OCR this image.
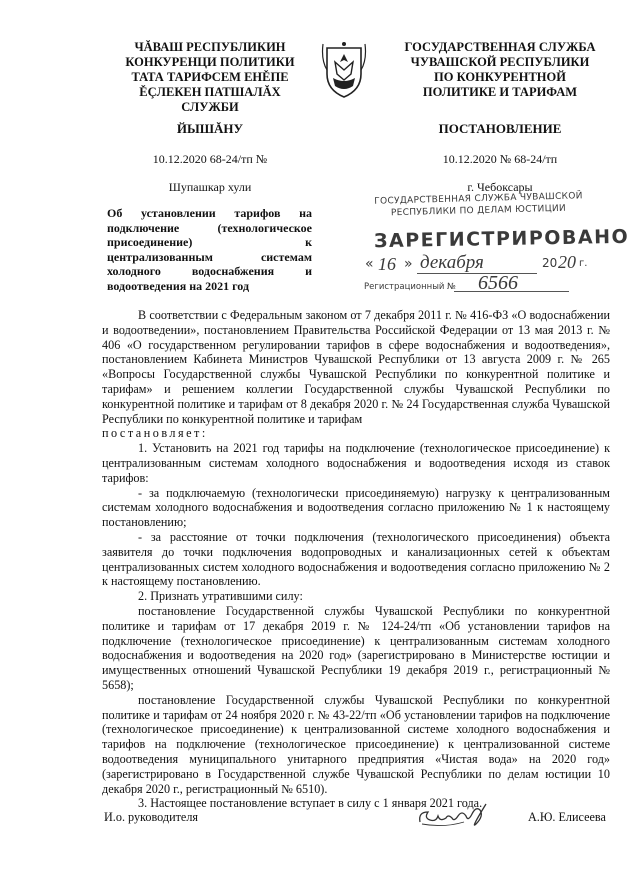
ЧĂВАШ РЕСПУБЛИКИН
КОНКУРЕНЦИ ПОЛИТИКИ
ТАТА ТАРИФСЕМ ЕНĚПЕ
ĚÇЛЕКЕН ПАТШАЛĂХ СЛУЖБИ
ГОСУДАРСТВЕННАЯ СЛУЖБА
ЧУВАШСКОЙ РЕСПУБЛИКИ
ПО КОНКУРЕНТНОЙ
ПОЛИТИКЕ И ТАРИФАМ
ЙЫШĂНУ	ПОСТАНОВЛЕНИЕ
10.12.2020 68-24/тп №	10.12.2020 № 68-24/тп
Шупашкар хули	г. Чебоксары
Об установлении тарифов на
подключение (технологическое
присоединение) к
централизованным системам
холодного водоснабжения и
водоотведения на 2021 год
ГОСУДАРСТВЕННАЯ СЛУЖБА ЧУВАШСКОЙ
РЕСПУБЛИКИ ПО ДЕЛАМ ЮСТИЦИИ
ЗАРЕГИСТРИРОВАНО
« 16 » декабря	20 20 г.
Регистрационный № 6566

В соответствии с Федеральным законом от 7 декабря 2011 г. № 416-ФЗ «О водоснабжении и водоотведении», постановлением Правительства Российской Федерации от 13 мая 2013 г. № 406 «О государственном регулировании тарифов в сфере водоснабжения и водоотведения», постановлением Кабинета Министров Чувашской Республики от 13 августа 2009 г. № 265 «Вопросы Государственной службы Чувашской Республики по конкурентной политике и тарифам» и решением коллегии Государственной службы Чувашской Республики по конкурентной политике и тарифам от 8 декабря 2020 г. № 24 Государственная служба Чувашской Республики по конкурентной политике и тарифам

постановляет:

1. Установить на 2021 год тарифы на подключение (технологическое присоединение) к централизованным системам холодного водоснабжения и водоотведения исходя из ставок тарифов:

- за подключаемую (технологически присоединяемую) нагрузку к централизованным системам холодного водоснабжения и водоотведения согласно приложению № 1 к настоящему постановлению;

- за расстояние от точки подключения (технологического присоединения) объекта заявителя до точки подключения водопроводных и канализационных сетей к объектам централизованных систем холодного водоснабжения и водоотведения согласно приложению № 2 к настоящему постановлению.

2. Признать утратившими силу:

постановление Государственной службы Чувашской Республики по конкурентной политике и тарифам от 17 декабря 2019 г. № 124-24/тп «Об установлении тарифов на подключение (технологическое присоединение) к централизованным системам холодного водоснабжения и водоотведения на 2020 год» (зарегистрировано в Министерстве юстиции и имущественных отношений Чувашской Республики 19 декабря 2019 г., регистрационный № 5658);

постановление Государственной службы Чувашской Республики по конкурентной политике и тарифам от 24 ноября 2020 г. № 43-22/тп «Об установлении тарифов на подключение (технологическое присоединение) к централизованной системе холодного водоснабжения и тарифов на подключение (технологическое присоединение) к централизованной системе водоотведения муниципального унитарного предприятия «Чистая вода» на 2020 год» (зарегистрировано в Государственной службе Чувашской Республики по делам юстиции 10 декабря 2020 г., регистрационный № 6510).

3. Настоящее постановление вступает в силу с 1 января 2021 года.

И.о. руководителя	А.Ю. Елисеева
